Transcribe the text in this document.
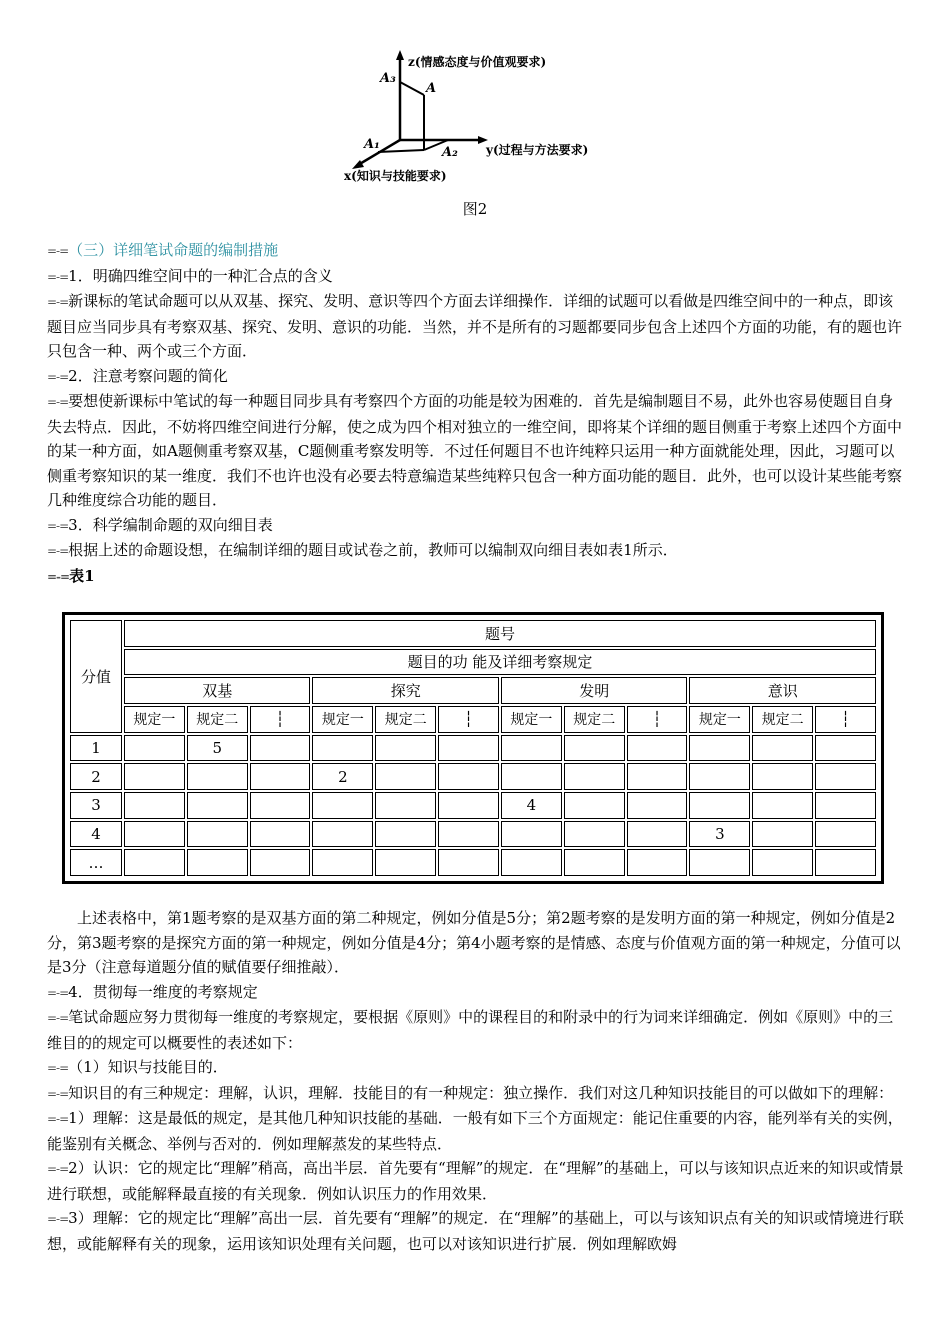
z(情感态度与价值观要求)
y(过程与方法要求)
x(知识与技能要求)
A
A₃
A₂
A₁
图2

=-=（三）详细笔试命题的编制措施

=-=1．明确四维空间中的一种汇合点的含义

=-=新课标的笔试命题可以从双基、探究、发明、意识等四个方面去详细操作．详细的试题可以看做是四维空间中的一种点，即该题目应当同步具有考察双基、探究、发明、意识的功能．当然，并不是所有的习题都要同步包含上述四个方面的功能，有的题也许只包含一种、两个或三个方面．

=-=2．注意考察问题的简化

=-=要想使新课标中笔试的每一种题目同步具有考察四个方面的功能是较为困难的．首先是编制题目不易，此外也容易使题目自身失去特点．因此，不妨将四维空间进行分解，使之成为四个相对独立的一维空间，即将某个详细的题目侧重于考察上述四个方面中的某一种方面，如A题侧重考察双基，C题侧重考察发明等．不过任何题目不也许纯粹只运用一种方面就能处理，因此，习题可以侧重考察知识的某一维度．我们不也许也没有必要去特意编造某些纯粹只包含一种方面功能的题目．此外，也可以设计某些能考察几种维度综合功能的题目．

=-=3．科学编制命题的双向细目表

=-=根据上述的命题设想，在编制详细的题目或试卷之前，教师可以编制双向细目表如表1所示．

=-=表1

分值	题号											
	题目的功 能及详细考察规定											
	双基			探究			发明			意识		
	规定一	规定二	┆	规定一	规定二	┆	规定一	规定二	┆	规定一	规定二	┆
1		5										
2				2								
3							4					
4										3		
…												

上述表格中，第1题考察的是双基方面的第二种规定，例如分值是5分；第2题考察的是发明方面的第一种规定，例如分值是2分，第3题考察的是探究方面的第一种规定，例如分值是4分；第4小题考察的是情感、态度与价值观方面的第一种规定，分值可以是3分（注意每道题分值的赋值要仔细推敲）．

=-=4．贯彻每一维度的考察规定

=-=笔试命题应努力贯彻每一维度的考察规定，要根据《原则》中的课程目的和附录中的行为词来详细确定．例如《原则》中的三维目的的规定可以概要性的表述如下：

=-=（1）知识与技能目的．

=-=知识目的有三种规定：理解，认识，理解．技能目的有一种规定：独立操作．我们对这几种知识技能目的可以做如下的理解：

=-=1）理解：这是最低的规定，是其他几种知识技能的基础．一般有如下三个方面规定：能记住重要的内容，能列举有关的实例，能鉴别有关概念、举例与否对的．例如理解蒸发的某些特点．

=-=2）认识：它的规定比“理解”稍高，高出半层．首先要有“理解”的规定．在“理解”的基础上，可以与该知识点近来的知识或情景进行联想，或能解释最直接的有关现象．例如认识压力的作用效果．

=-=3）理解：它的规定比“理解”高出一层．首先要有“理解”的规定．在“理解”的基础上，可以与该知识点有关的知识或情境进行联想，或能解释有关的现象，运用该知识处理有关问题，也可以对该知识进行扩展．例如理解欧姆
